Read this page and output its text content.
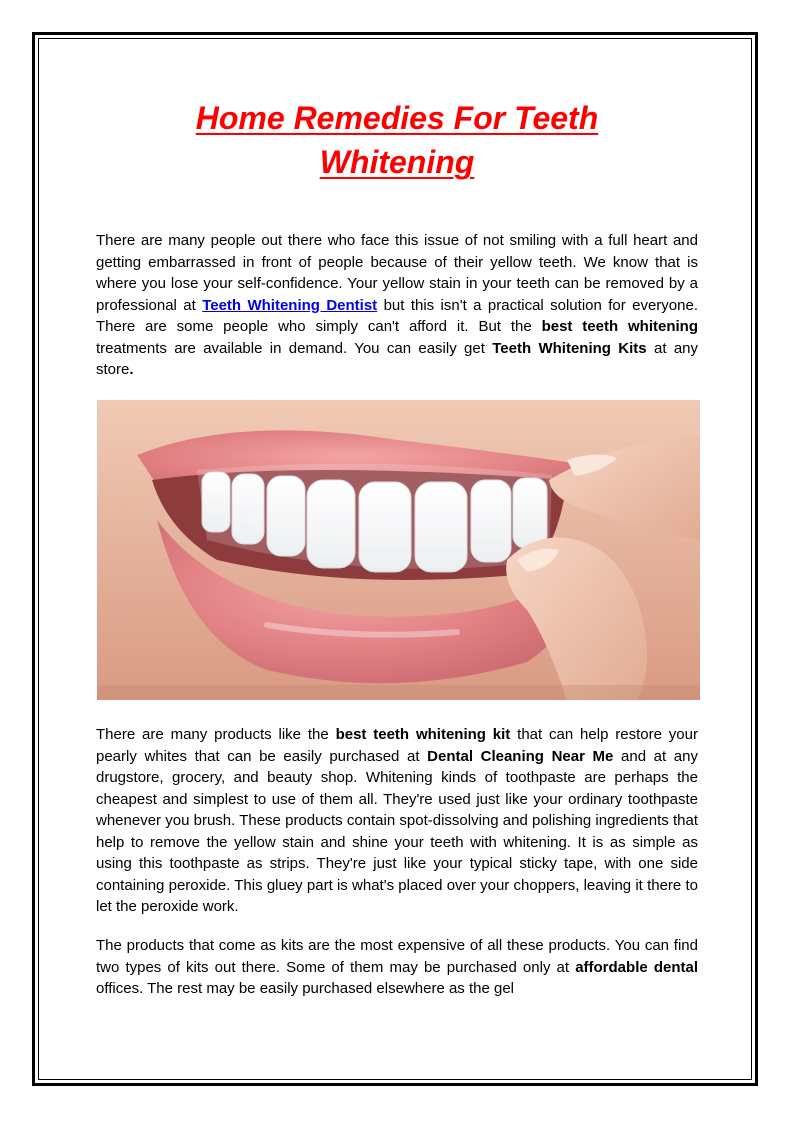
Home Remedies For Teeth
Whitening

There are many people out there who face this issue of not smiling with a full heart and getting embarrassed in front of people because of their yellow teeth. We know that is where you lose your self-confidence. Your yellow stain in your teeth can be removed by a professional at Teeth Whitening Dentist but this isn't a practical solution for everyone. There are some people who simply can't afford it. But the best teeth whitening treatments are available in demand. You can easily get Teeth Whitening Kits at any store.

There are many products like the best teeth whitening kit that can help restore your pearly whites that can be easily purchased at Dental Cleaning Near Me and at any drugstore, grocery, and beauty shop. Whitening kinds of toothpaste are perhaps the cheapest and simplest to use of them all. They're used just like your ordinary toothpaste whenever you brush. These products contain spot-dissolving and polishing ingredients that help to remove the yellow stain and shine your teeth with whitening. It is as simple as using this toothpaste as strips. They're just like your typical sticky tape, with one side containing peroxide. This gluey part is what's placed over your choppers, leaving it there to let the peroxide work.

The products that come as kits are the most expensive of all these products. You can find two types of kits out there. Some of them may be purchased only at affordable dental offices. The rest may be easily purchased elsewhere as the gel
